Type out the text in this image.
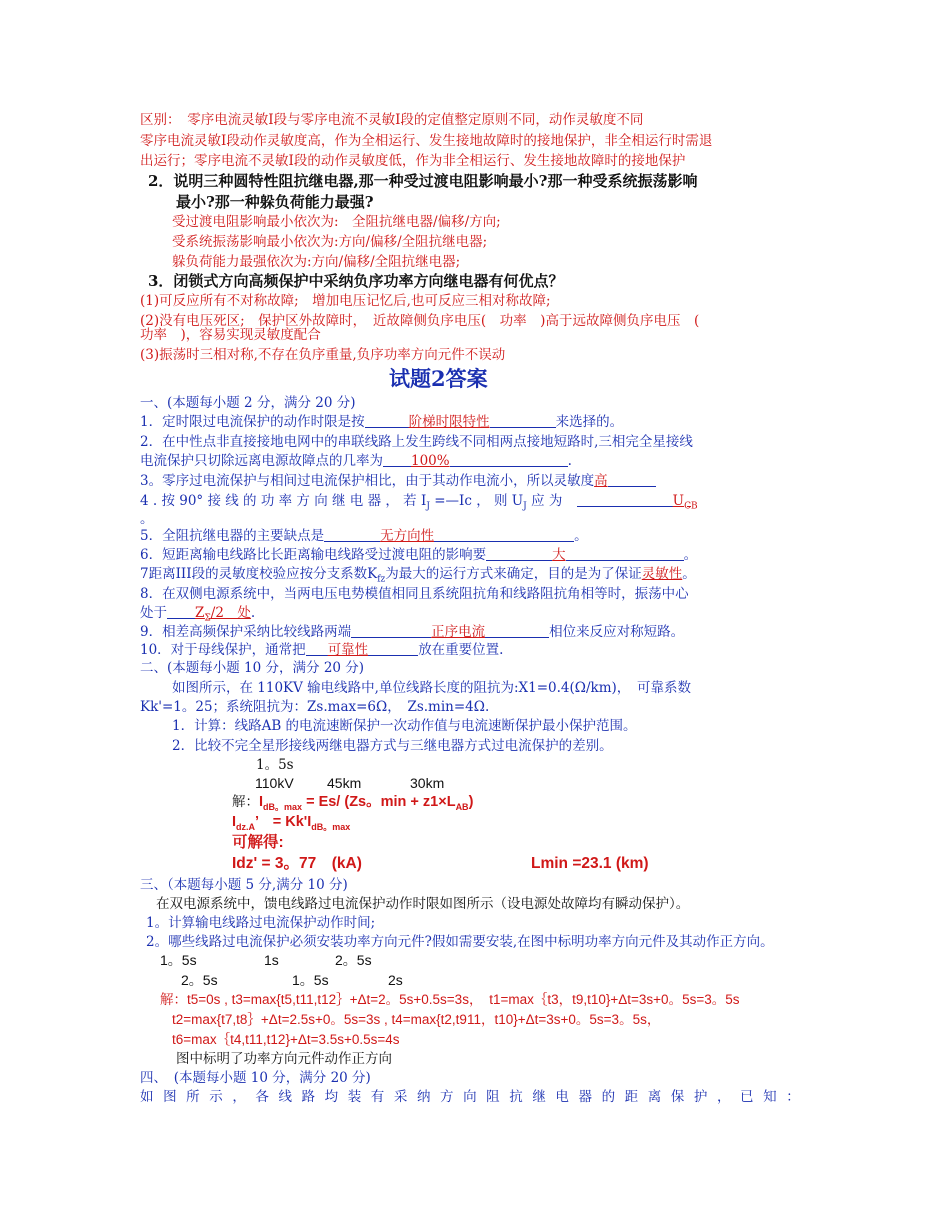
区别：　零序电流灵敏I段与零序电流不灵敏I段的定值整定原则不同，动作灵敏度不同
零序电流灵敏I段动作灵敏度高，作为全相运行、发生接地故障时的接地保护，非全相运行时需退
出运行；零序电流不灵敏I段的动作灵敏度低，作为非全相运行、发生接地故障时的接地保护
2．说明三种圆特性阻抗继电器,那一种受过渡电阻影响最小?那一种受系统振荡影响
最小?那一种躲负荷能力最强?
受过渡电阻影响最小依次为:　全阻抗继电器/偏移/方向;
受系统振荡影响最小依次为:方向/偏移/全阻抗继电器;
躲负荷能力最强依次为:方向/偏移/全阻抗继电器;
3．闭锁式方向高频保护中采纳负序功率方向继电器有何优点？
(1)可反应所有不对称故障;　增加电压记忆后,也可反应三相对称故障;
(2)没有电压死区;　保护区外故障时，　近故障侧负序电压(　功率　)高于远故障侧负序电压　(
功率　)，容易实现灵敏度配合
(3)振荡时三相对称,不存在负序重量,负序功率方向元件不误动
试题2答案
一、(本题每小题 2 分，满分 20 分)
1．定时限过电流保护的动作时限是按	阶梯时限特性	来选择的。
2．在中性点非直接接地电网中的串联线路上发生跨线不同相两点接地短路时,三相完全星接线
电流保护只切除远离电源故障点的几率为 100%	.
3。零序过电流保护与相间过电流保护相比，由于其动作电流小，所以灵敏度高
4 . 按 90° 接 线 的 功 率 方 向 继 电 器 ， 若 $I_J$ =—Ic ， 则 $U_J$ 应 为	$U_{CB}$
。
5．全阻抗继电器的主要缺点是	无方向性	。
6．短距离输电线路比长距离输电线路受过渡电阻的影响要	大	。
7距离III段的灵敏度校验应按分支系数$K_{fz}$为最大的运行方式来确定，目的是为了保证灵敏性。
8．在双侧电源系统中，当两电压电势模值相同且系统阻抗角和线路阻抗角相等时，振荡中心
处于 $Z_\Sigma/2$　处.
9．相差高频保护采纳比较线路两端	正序电流	相位来反应对称短路。
10．对于母线保护，通常把 可靠性	放在重要位置.
二、(本题每小题 10 分，满分 20 分)
如图所示，在 110KV 输电线路中,单位线路长度的阻抗为:X1=0.4(Ω/km)，　可靠系数
Kk'=1。25；系统阻抗为：Zs.max=6Ω，　Zs.min=4Ω.
1．计算：线路AB 的电流速断保护一次动作值与电流速断保护最小保护范围。
2．比较不完全星形接线两继电器方式与三继电器方式过电流保护的差别。
1。5s
110kV 45km	30km
解：$I_{dB。max} = Es/$ (Zs。$\min + z1\times L_{AB}$)
$I_{dz.A}$’　= $Kk'I_{dB。max}$
可解得:
Idz' = 3。77　(kA)	Lmin =23.1 (km)
三、（本题每小题 5 分,满分 10 分)
在双电源系统中，馈电线路过电流保护动作时限如图所示（设电源处故障均有瞬动保护）。
1。计算输电线路过电流保护动作时间;
2。哪些线路过电流保护必须安装功率方向元件?假如需要安装,在图中标明功率方向元件及其动作正方向。
1。5s	1s	2。5s
2。5s	1。5s	2s
解：t5=0s , t3=max{t5,t11,t12｝+Δt=2。5s+0.5s=3s，　t1=max｛t3，t9,t10}+Δt=3s+0。5s=3。5s
t2=max{t7,t8｝+Δt=2.5s+0。5s=3s , t4=max{t2,t911，t10}+Δt=3s+0。5s=3。5s，
t6=max｛t4,t11,t12}+Δt=3.5s+0.5s=4s
图中标明了功率方向元件动作正方向
四、　(本题每小题 10 分，满分 20 分)
如 图 所 示 ， 各 线 路 均 装 有 采 纳 方 向 阻 抗 继 电 器 的 距 离 保 护 ， 已 知 ：
